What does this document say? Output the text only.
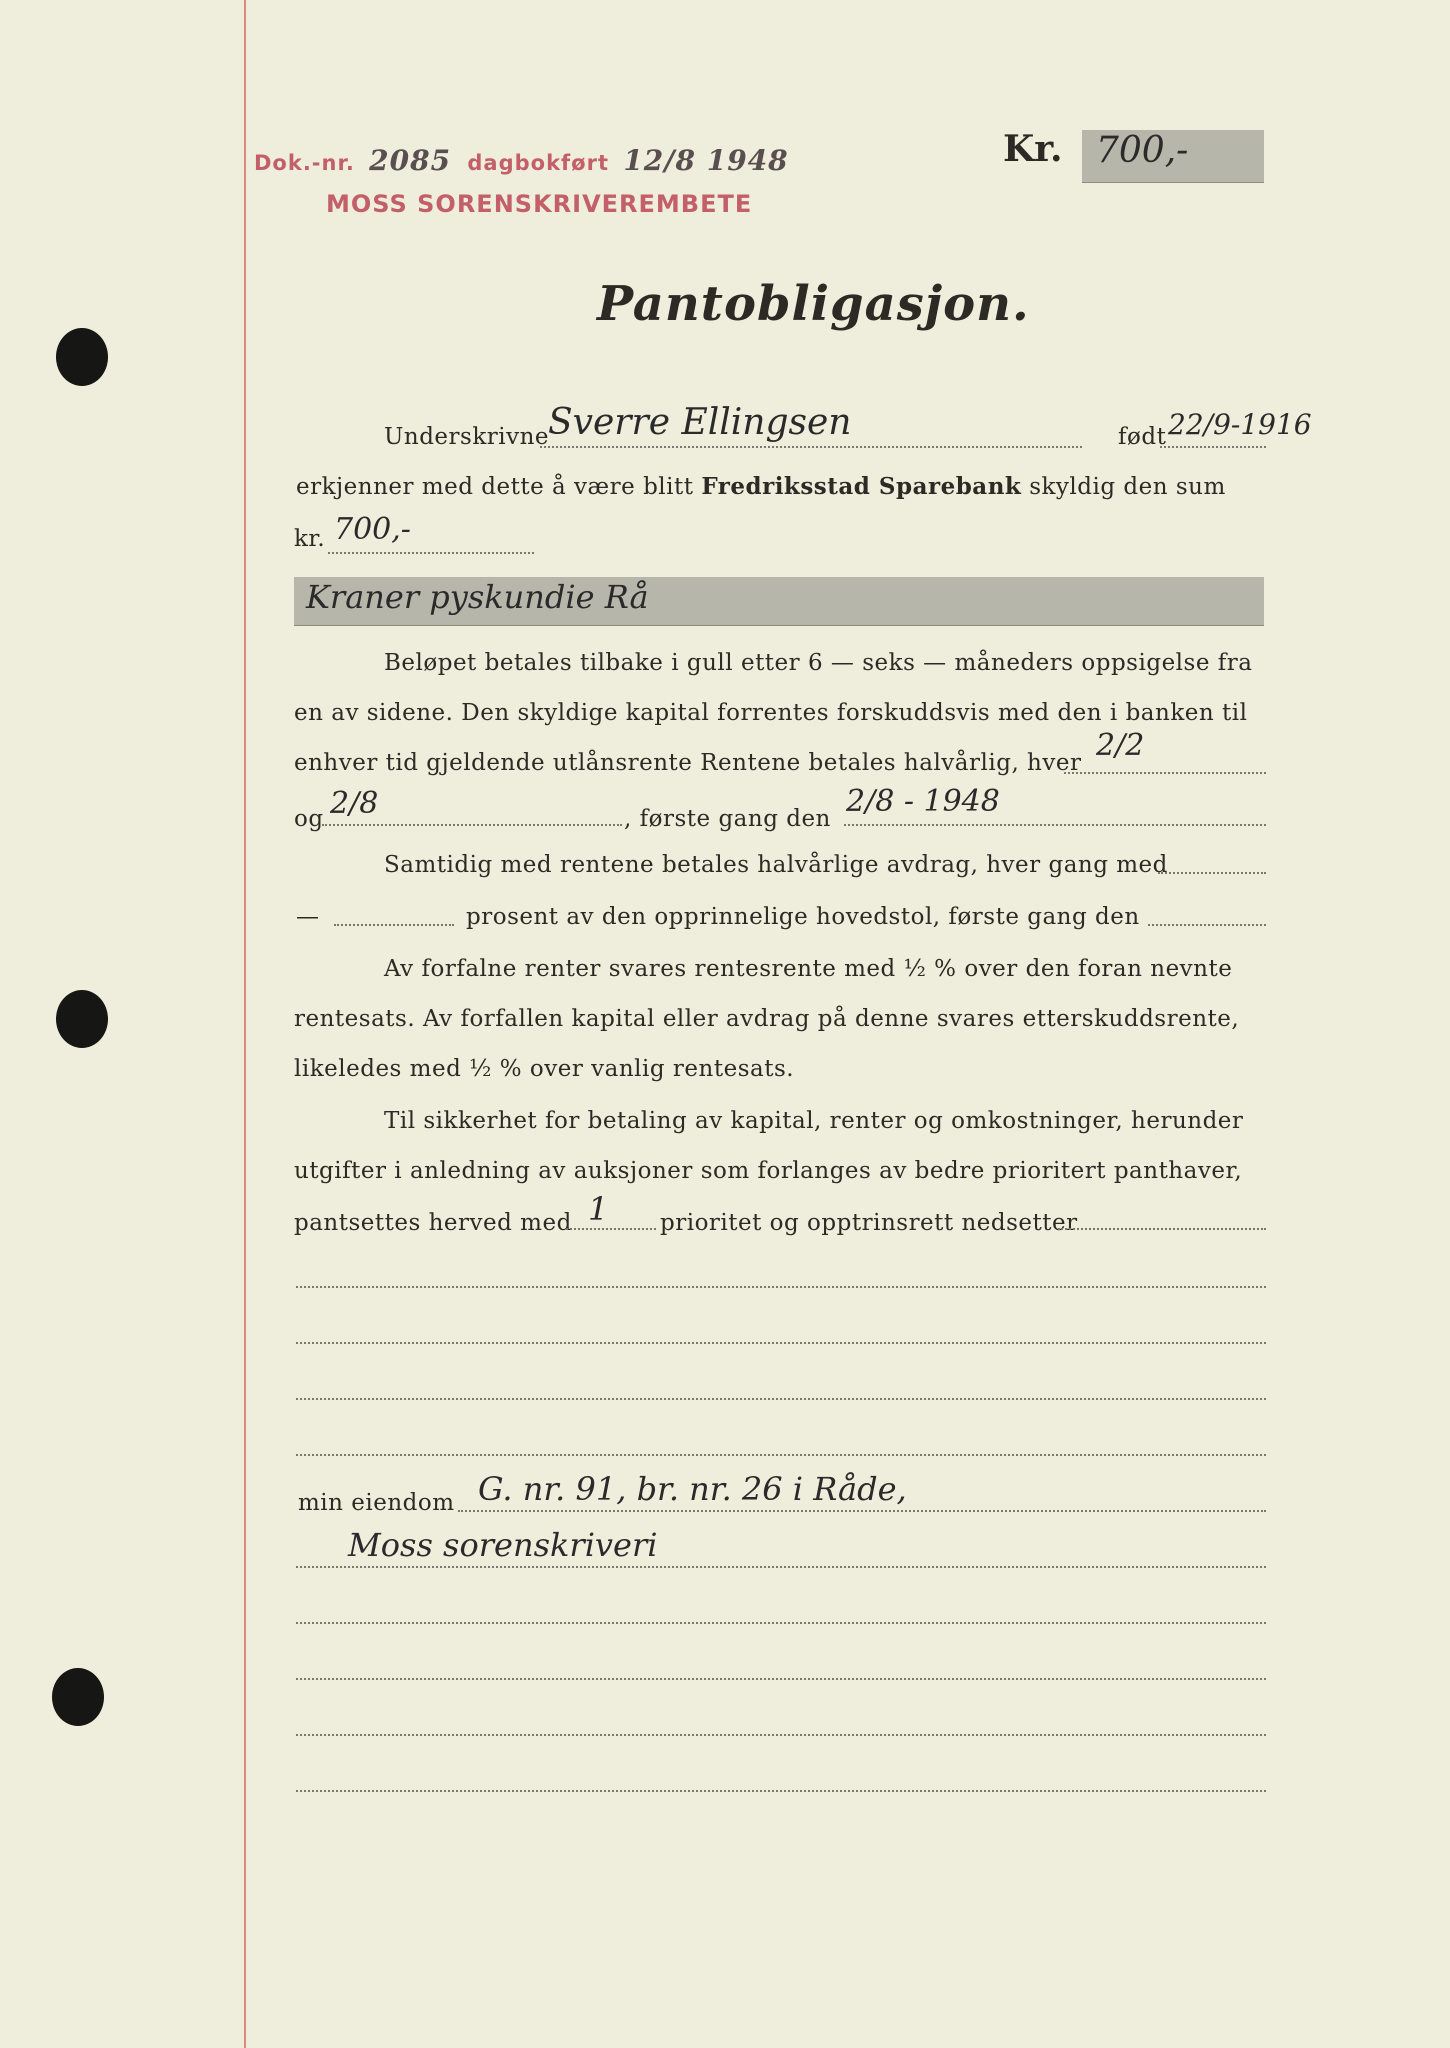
Dok.-nr. 2085 dagbokført 12/8 1948
MOSS SORENSKRIVEREMBETE
Kr. 700,-
Pantobligasjon.
Underskrivne
Sverre Ellingsen	født 22/9-1916
erkjenner med dette å være blitt Fredriksstad Sparebank skyldig den sum
kr. 700,-
Kraner pyskundie Rå
Beløpet betales tilbake i gull etter 6 — seks — måneders oppsigelse fra
en av sidene. Den skyldige kapital forrentes forskuddsvis med den i banken til
enhver tid gjeldende utlånsrente Rentene betales halvårlig, hver 2/2
og 2/8	, første gang den 2/8 - 1948
Samtidig med rentene betales halvårlige avdrag, hver gang med
—	prosent av den opprinnelige hovedstol, første gang den
Av forfalne renter svares rentesrente med ½ % over den foran nevnte
rentesats. Av forfallen kapital eller avdrag på denne svares etterskuddsrente,
likeledes med ½ % over vanlig rentesats.
Til sikkerhet for betaling av kapital, renter og omkostninger, herunder
utgifter i anledning av auksjoner som forlanges av bedre prioritert panthaver,
pantsettes herved med 1 prioritet og opptrinsrett nedsetter
min eiendom G. nr. 91, br. nr. 26 i Råde,
Moss sorenskriveri
